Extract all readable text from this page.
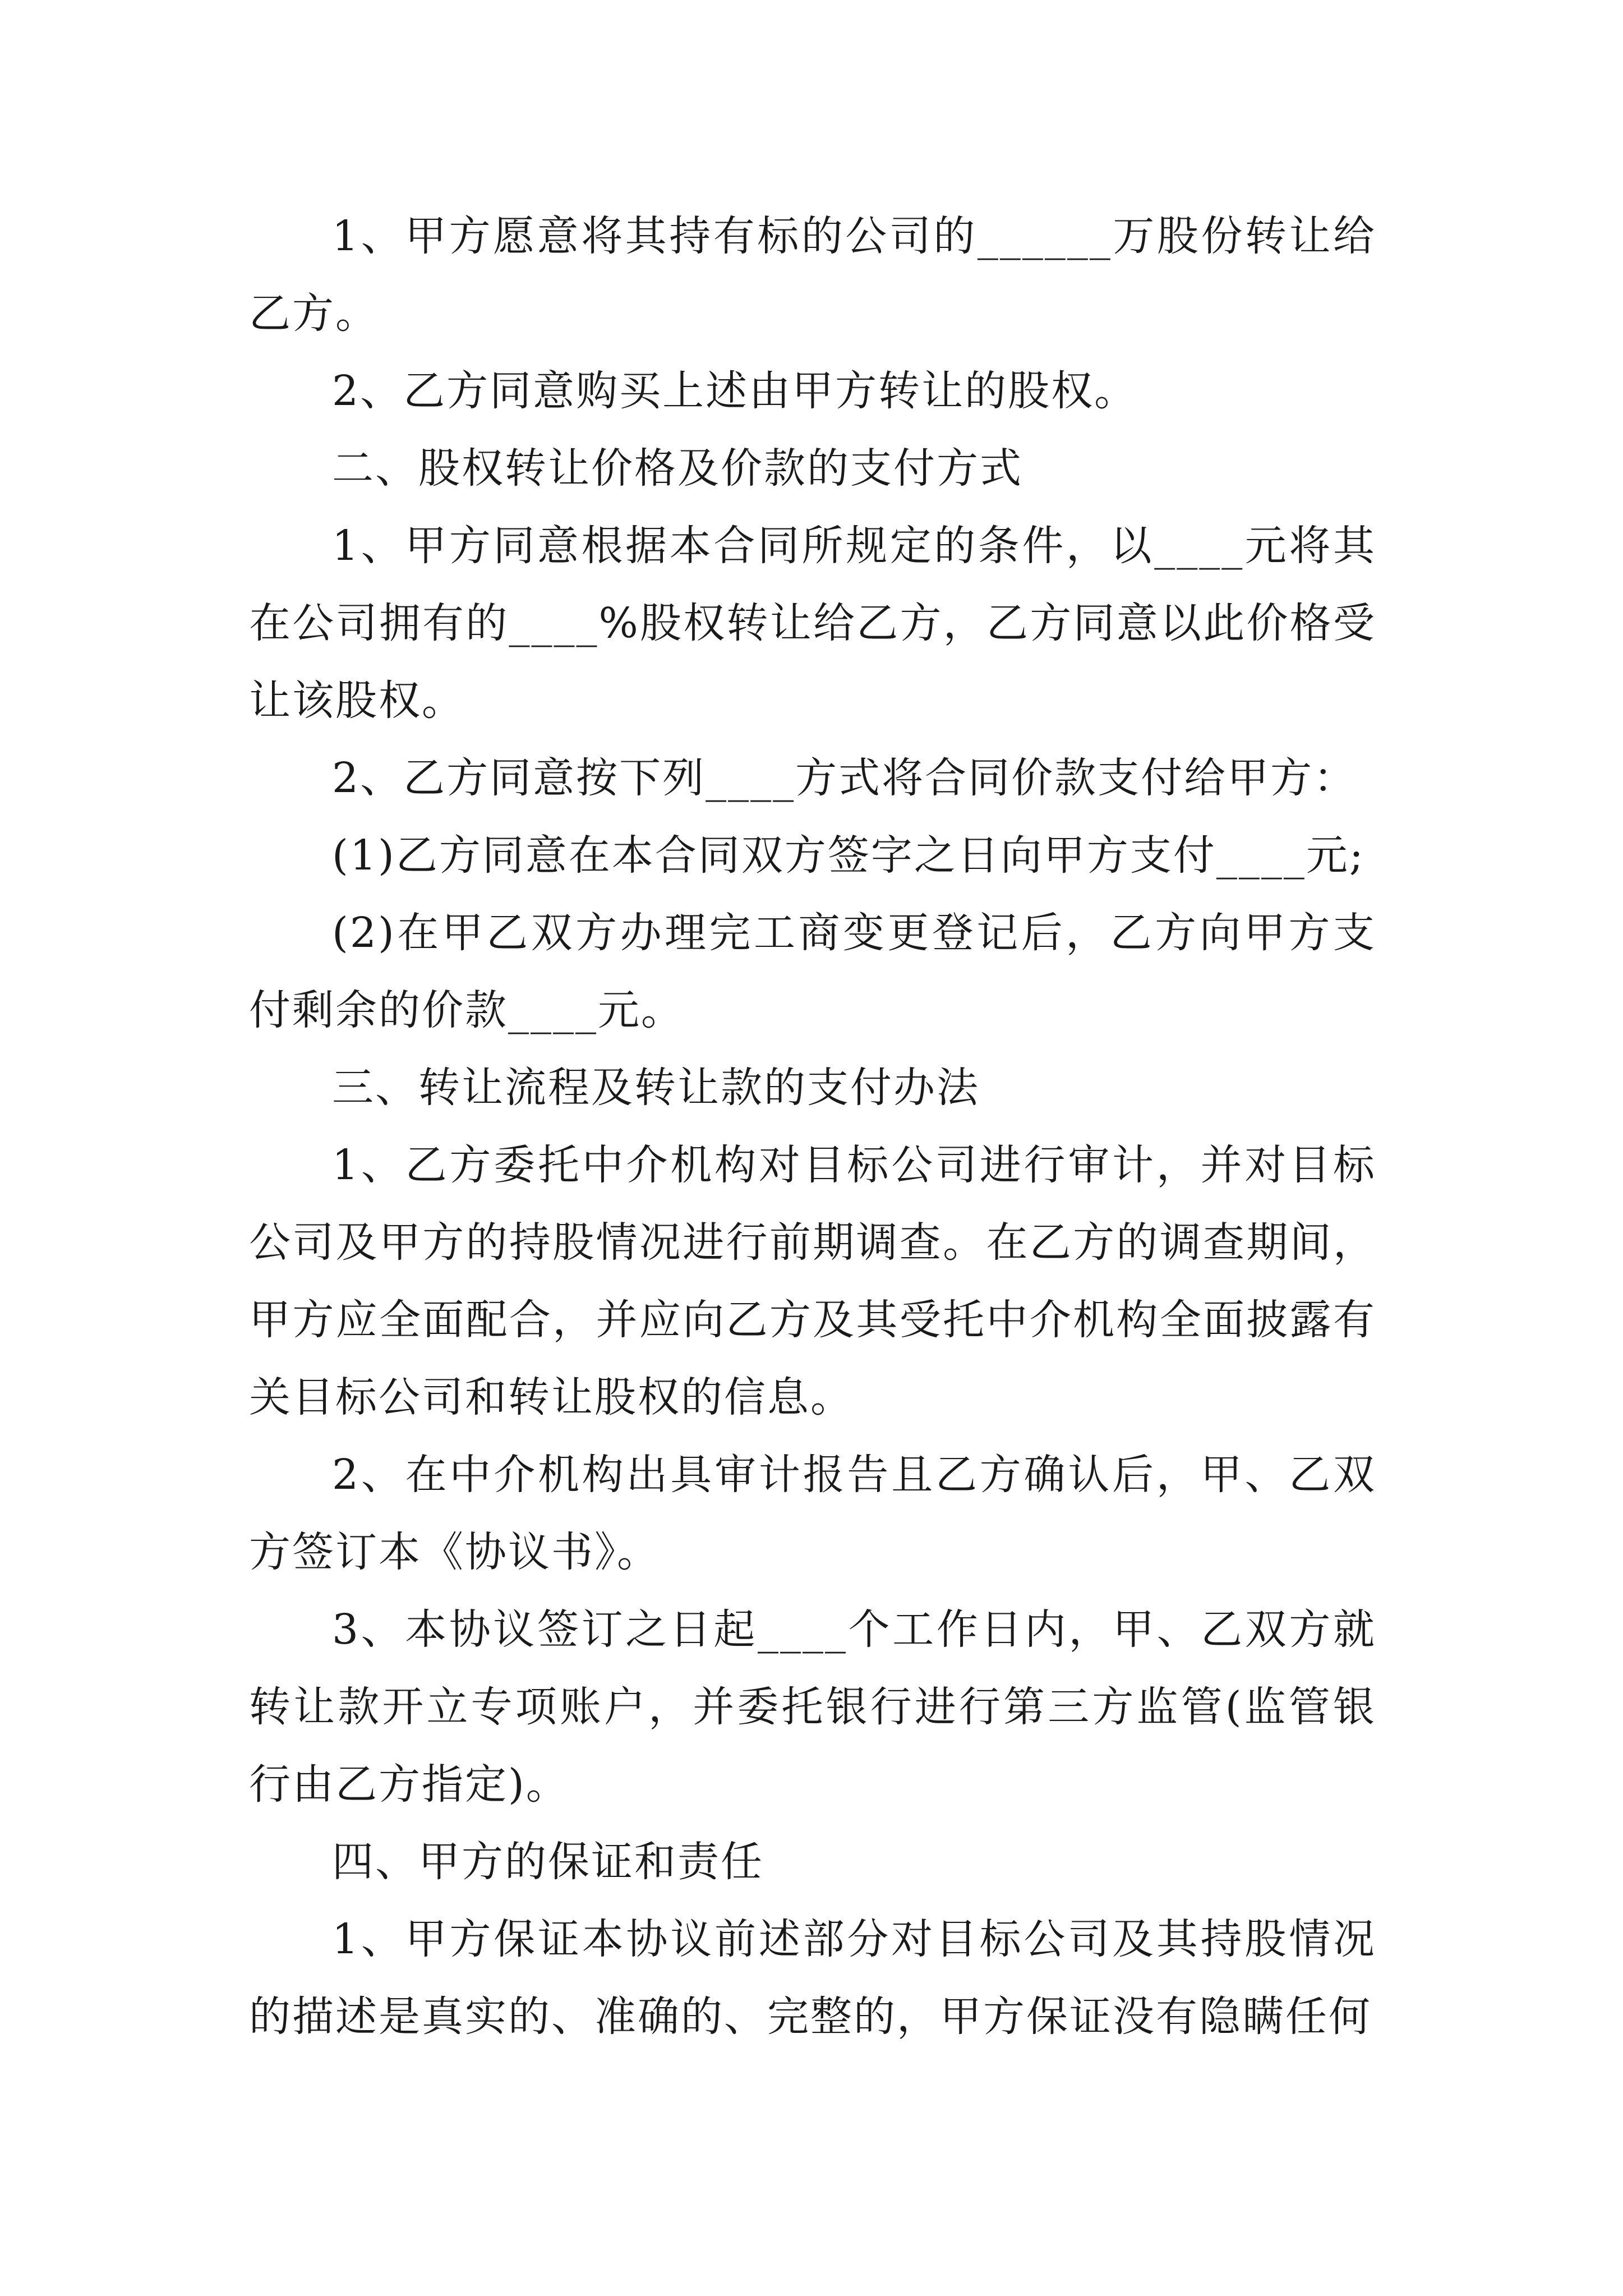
1、甲方愿意将其持有标的公司的______万股份转让给乙方。

2、乙方同意购买上述由甲方转让的股权。

二、股权转让价格及价款的支付方式

1、甲方同意根据本合同所规定的条件，以____元将其在公司拥有的____%股权转让给乙方，乙方同意以此价格受让该股权。

2、乙方同意按下列____方式将合同价款支付给甲方：

(1)乙方同意在本合同双方签字之日向甲方支付____元;

(2)在甲乙双方办理完工商变更登记后，乙方向甲方支付剩余的价款____元。

三、转让流程及转让款的支付办法

1、乙方委托中介机构对目标公司进行审计，并对目标公司及甲方的持股情况进行前期调查。在乙方的调查期间，甲方应全面配合，并应向乙方及其受托中介机构全面披露有关目标公司和转让股权的信息。

2、在中介机构出具审计报告且乙方确认后，甲、乙双方签订本《协议书》。

3、本协议签订之日起____个工作日内，甲、乙双方就转让款开立专项账户，并委托银行进行第三方监管(监管银行由乙方指定)。

四、甲方的保证和责任

1、甲方保证本协议前述部分对目标公司及其持股情况的描述是真实的、准确的、完整的，甲方保证没有隐瞒任何
